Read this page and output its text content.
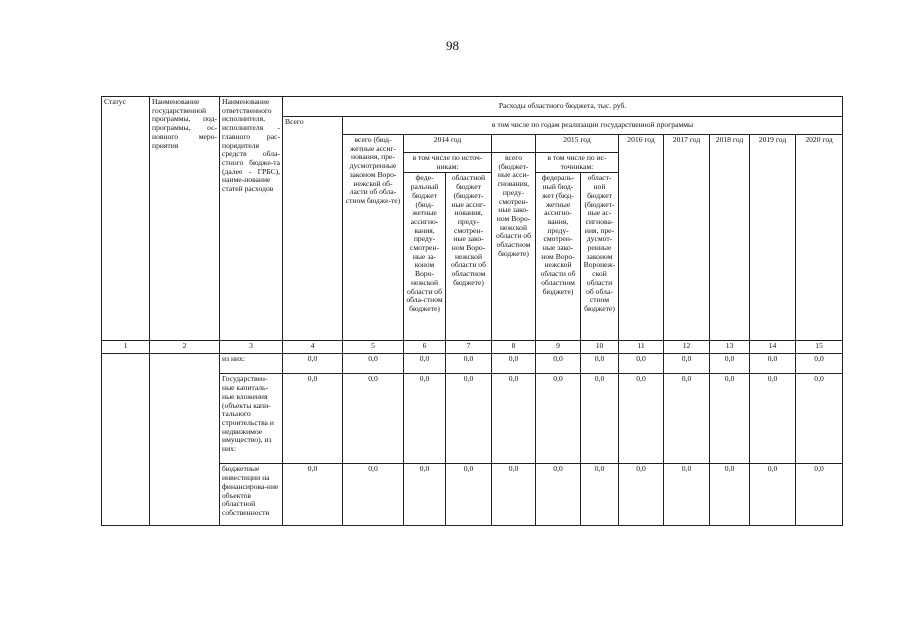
98
Статус	Наименование государственной программы, под-программы, ос-новного меро-приятия	Наименование ответственного исполнителя, исполнителя - главного рас-порядителя средств обла-стного бюдже-та (далее - ГРБС), наиме-нование статей расходов	Расходы областного бюджета, тыс. руб.											
			Всего	в том числе по годам реализации государственной программы										
				всего (бюд-жетные ассиг-нования, пре-дусмотренные законом Воро-нежской об-ласти об обла-стном бюдже-те)	2014 год			2015 год		2016 год	2017 год	2018 год	2019 год	2020 год
					в том числе по источ-никам:		всего (бюджет-ные асси-гнования, преду-смотрен-ные зако-ном Воро-нежской области об областном бюджете)	в том числе по ис-точникам:						
					феде-ральный бюджет (бюд-жетные ассигно-вания, преду-смотрен-ные за-коном Воро-нежской области об обла-стном бюджете)	областной бюджет (бюджет-ные ассиг-нования, преду-смотрен-ные зако-ном Воро-нежской области об областном бюджете)		федераль-ный бюд-жет (бюд-жетные ассигно-вания, преду-смотрен-ные зако-ном Воро-нежской области об областном бюджете)	област-ной бюджет (бюджет-ные ас-сигнова-ния, пре-дусмот-ренные законом Воронеж-ской области об обла-стном бюджете)					
1	2	3	4	5	6	7	8	9	10	11	12	13	14	15
		из них:	0,0	0,0	0,0	0,0	0,0	0,0	0,0	0,0	0,0	0,0	0,0	0,0
		Государствен-ные капиталь-ные вложения (объекты капи-тального строительства и недвижимое имущество), из них:	0,0	0,0	0,0	0,0	0,0	0,0	0,0	0,0	0,0	0,0	0,0	0,0
		бюджетные инвестиции на финансирова-ние объектов областной собственности	0,0	0,0	0,0	0,0	0,0	0,0	0,0	0,0	0,0	0,0	0,0	0,0
